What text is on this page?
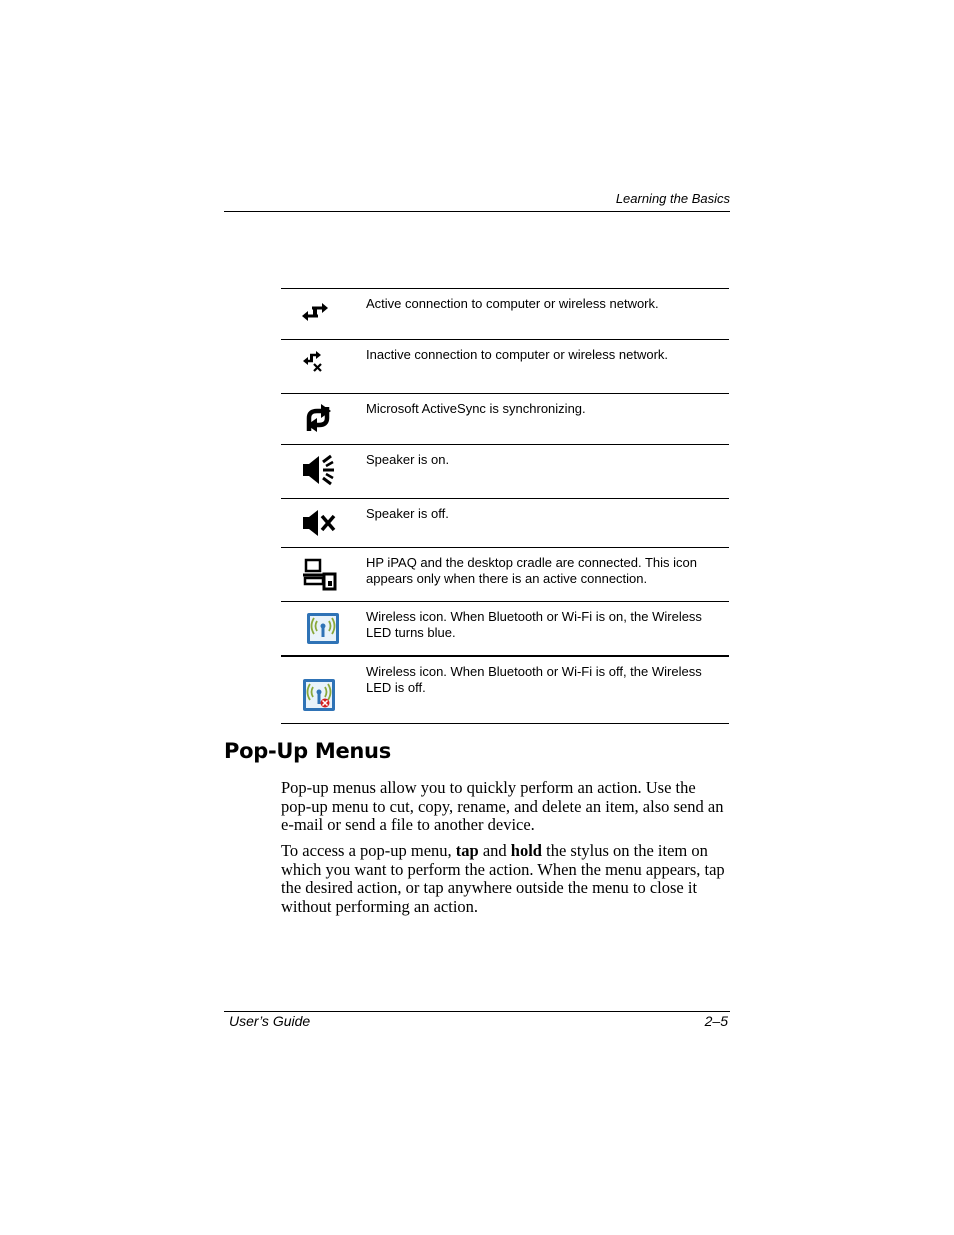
Learning the Basics
Active connection to computer or wireless network.
Inactive connection to computer or wireless network.
Microsoft ActiveSync is synchronizing.
Speaker is on.
Speaker is off.
HP iPAQ and the desktop cradle are connected. This icon appears only when there is an active connection.
Wireless icon. When Bluetooth or Wi-Fi is on, the Wireless LED turns blue.
Wireless icon. When Bluetooth or Wi-Fi is off, the Wireless LED is off.
Pop-Up Menus

Pop-up menus allow you to quickly perform an action. Use the pop-up menu to cut, copy, rename, and delete an item, also send an e-mail or send a file to another device.

To access a pop-up menu, tap and hold the stylus on the item on which you want to perform the action. When the menu appears, tap the desired action, or tap anywhere outside the menu to close it without performing an action.

User’s Guide	2–5
